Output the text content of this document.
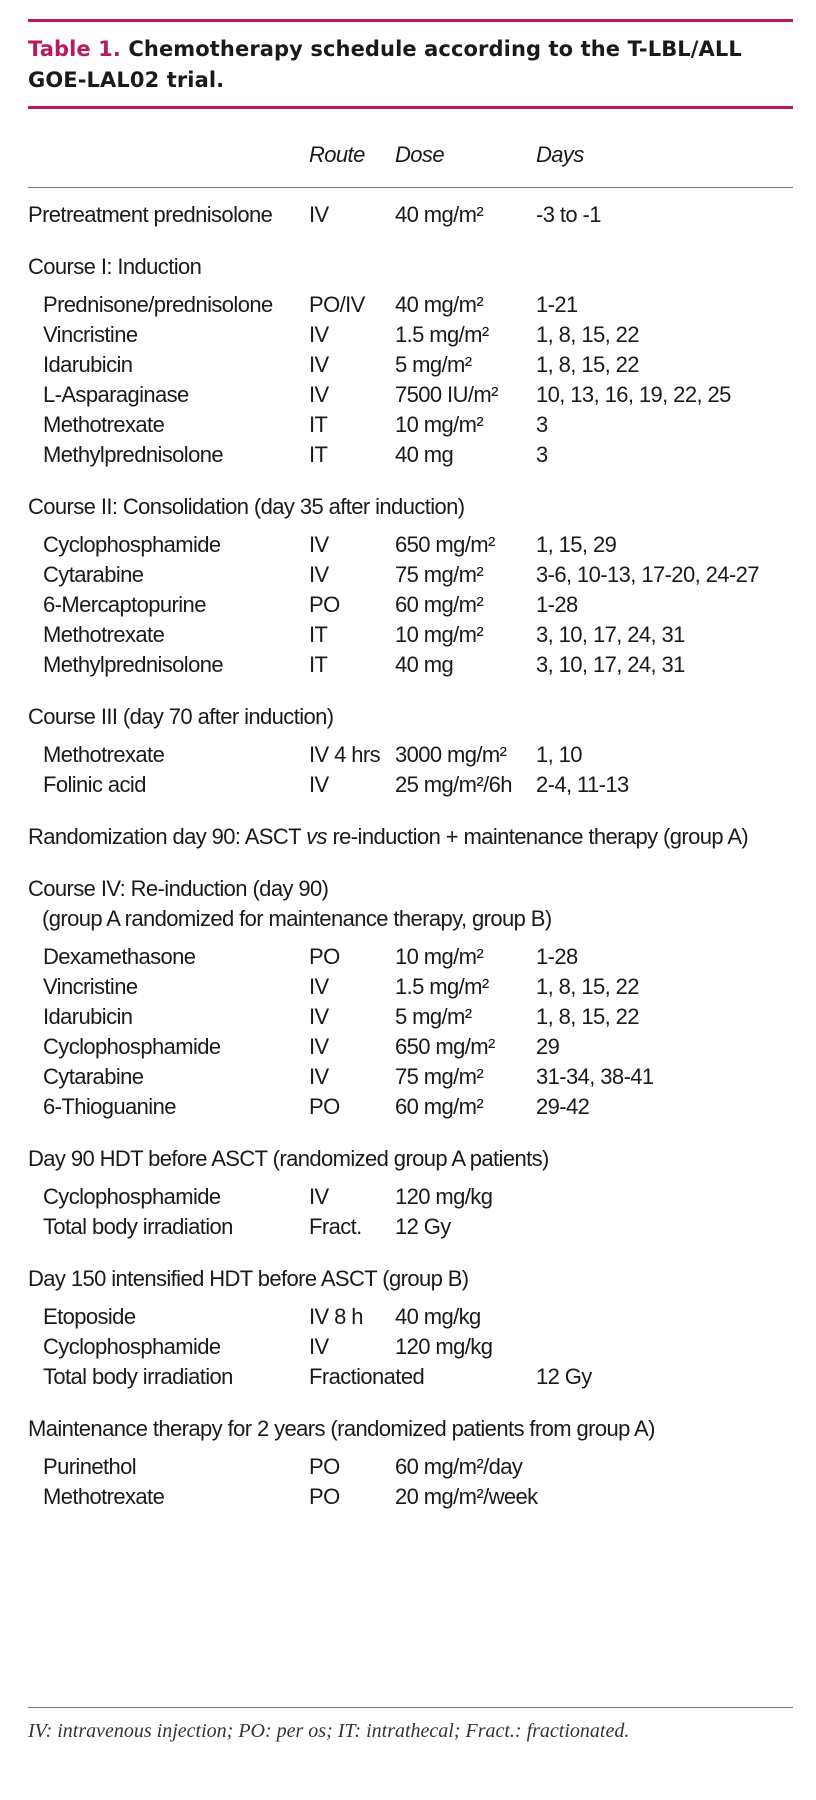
Table 1. Chemotherapy schedule according to the T-LBL/ALL GOE-LAL02 trial.
Route Dose	Days
Pretreatment prednisolone IV	40 mg/m² -3 to -1
Course I: Induction
Prednisone/prednisolone PO/IV 40 mg/m² 1-21
Vincristine	IV	1.5 mg/m² 1, 8, 15, 22
Idarubicin	IV	5 mg/m²	1, 8, 15, 22
L-Asparaginase	IV	7500 IU/m² 10, 13, 16, 19, 22, 25
Methotrexate	IT	10 mg/m² 3
Methylprednisolone	IT	40 mg	3
Course II: Consolidation (day 35 after induction)
Cyclophosphamide	IV	650 mg/m² 1, 15, 29
Cytarabine	IV	75 mg/m² 3-6, 10-13, 17-20, 24-27
6-Mercaptopurine	PO	60 mg/m² 1-28
Methotrexate	IT	10 mg/m² 3, 10, 17, 24, 31
Methylprednisolone	IT	40 mg	3, 10, 17, 24, 31
Course III (day 70 after induction)
Methotrexate	IV 4 hrs 3000 mg/m² 1, 10
Folinic acid	IV	25 mg/m²/6h 2-4, 11-13
Randomization day 90: ASCT vs re-induction + maintenance therapy (group A)
Course IV: Re-induction (day 90)
(group A randomized for maintenance therapy, group B)
Dexamethasone	PO	10 mg/m² 1-28
Vincristine	IV	1.5 mg/m² 1, 8, 15, 22
Idarubicin	IV	5 mg/m²	1, 8, 15, 22
Cyclophosphamide	IV	650 mg/m² 29
Cytarabine	IV	75 mg/m² 31-34, 38-41
6-Thioguanine	PO	60 mg/m² 29-42
Day 90 HDT before ASCT (randomized group A patients)
Cyclophosphamide	IV	120 mg/kg
Total body irradiation	Fract. 12 Gy
Day 150 intensified HDT before ASCT (group B)
Etoposide	IV 8 h 40 mg/kg
Cyclophosphamide	IV	120 mg/kg
Total body irradiation	Fractionated	12 Gy
Maintenance therapy for 2 years (randomized patients from group A)
Purinethol	PO	60 mg/m²/day
Methotrexate	PO	20 mg/m²/week
IV: intravenous injection; PO: per os; IT: intrathecal; Fract.: fractionated.
